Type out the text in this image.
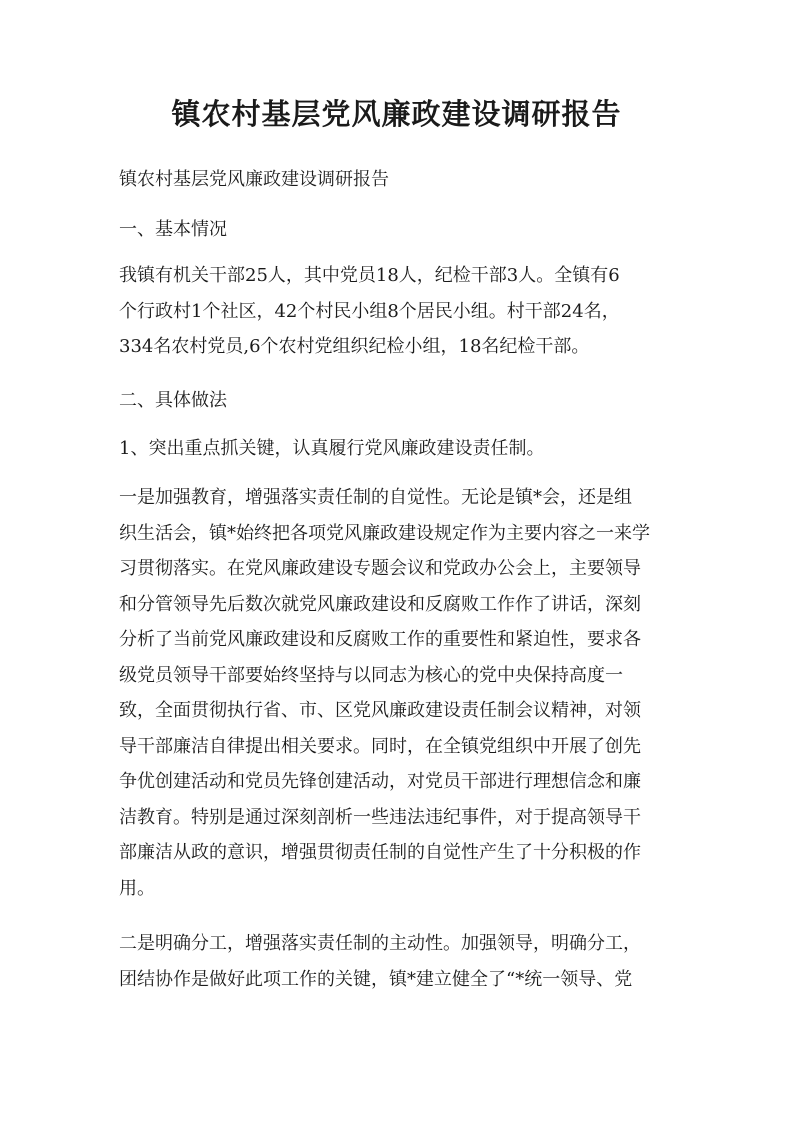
镇农村基层党风廉政建设调研报告

镇农村基层党风廉政建设调研报告

一、基本情况

我镇有机关干部25人，其中党员18人，纪检干部3人。全镇有6
个行政村1个社区，42个村民小组8个居民小组。村干部24名，
334名农村党员,6个农村党组织纪检小组，18名纪检干部。

二、具体做法

1、突出重点抓关键，认真履行党风廉政建设责任制。

一是加强教育，增强落实责任制的自觉性。无论是镇*会，还是组
织生活会，镇*始终把各项党风廉政建设规定作为主要内容之一来学
习贯彻落实。在党风廉政建设专题会议和党政办公会上，主要领导
和分管领导先后数次就党风廉政建设和反腐败工作作了讲话，深刻
分析了当前党风廉政建设和反腐败工作的重要性和紧迫性，要求各
级党员领导干部要始终坚持与以同志为核心的党中央保持高度一
致，全面贯彻执行省、市、区党风廉政建设责任制会议精神，对领
导干部廉洁自律提出相关要求。同时，在全镇党组织中开展了创先
争优创建活动和党员先锋创建活动，对党员干部进行理想信念和廉
洁教育。特别是通过深刻剖析一些违法违纪事件，对于提高领导干
部廉洁从政的意识，增强贯彻责任制的自觉性产生了十分积极的作
用。

二是明确分工，增强落实责任制的主动性。加强领导，明确分工，
团结协作是做好此项工作的关键，镇*建立健全了“*统一领导、党
